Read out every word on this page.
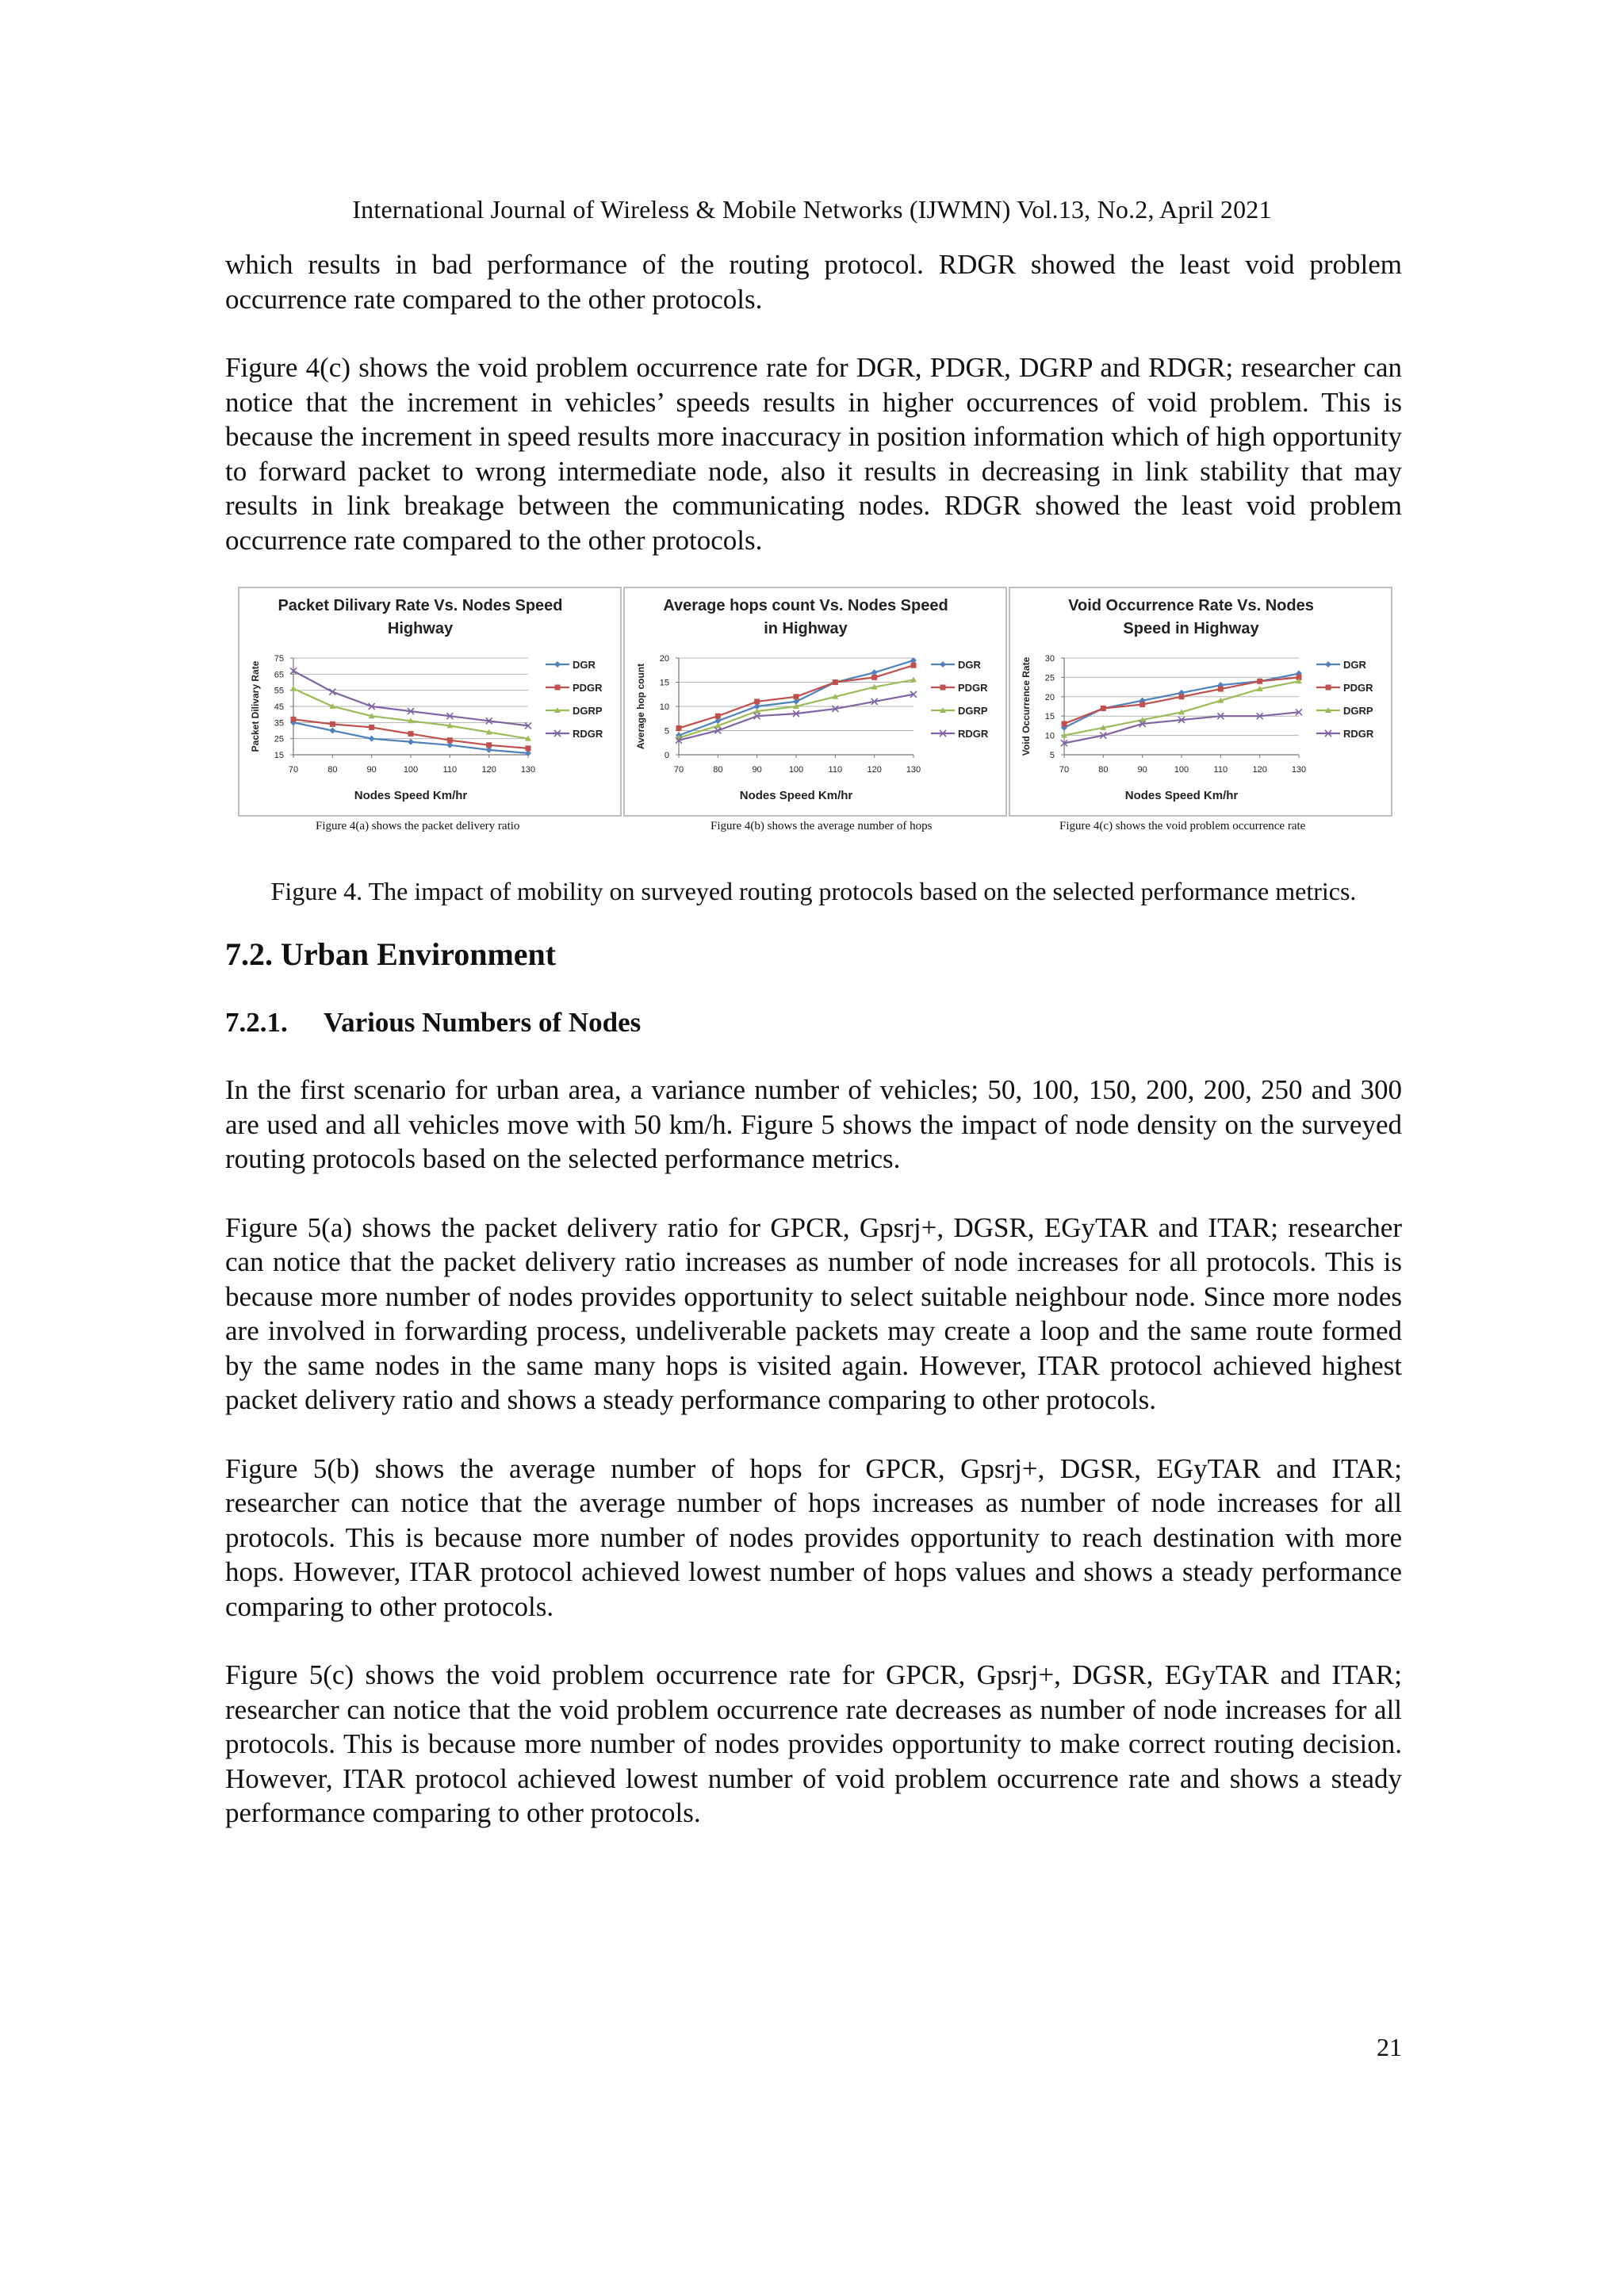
International Journal of Wireless & Mobile Networks (IJWMN) Vol.13, No.2, April 2021

which results in bad performance of the routing protocol. RDGR showed the least void problem occurrence rate compared to the other protocols.

Figure 4(c) shows the void problem occurrence rate for DGR, PDGR, DGRP and RDGR; researcher can notice that the increment in vehicles’ speeds results in higher occurrences of void problem. This is because the increment in speed results more inaccuracy in position information which of high opportunity to forward packet to wrong intermediate node, also it results in decreasing in link stability that may results in link breakage between the communicating nodes. RDGR showed the least void problem occurrence rate compared to the other protocols.

Packet Dilivary Rate Vs. Nodes Speed
Highway
15
25
35
45
55
65
75
70	80	90	100	110	120	130
Nodes Speed Km/hr
Packet Dilivary Rate	DGR
PDGR
DGRP
RDGR
Average hops count Vs. Nodes Speed
in Highway
0
5
10
15
20
70	80	90	100	110	120	130
Nodes Speed Km/hr
Average hop count	DGR
PDGR
DGRP
RDGR
Void Occurrence Rate Vs. Nodes
Speed in Highway
5
10
15
20
25
30
70	80	90	100	110	120	130
Nodes Speed Km/hr
Void Occurrence Rate	DGR
PDGR
DGRP
RDGR
Figure 4(a) shows the packet delivery ratio	Figure 4(b) shows the average number of hops	Figure 4(c) shows the void problem occurrence rate
Figure 4. The impact of mobility on surveyed routing protocols based on the selected performance metrics.
7.2. Urban Environment
7.2.1. Various Numbers of Nodes

In the first scenario for urban area, a variance number of vehicles; 50, 100, 150, 200, 200, 250 and 300 are used and all vehicles move with 50 km/h. Figure 5 shows the impact of node density on the surveyed routing protocols based on the selected performance metrics.

Figure 5(a) shows the packet delivery ratio for GPCR, Gpsrj+, DGSR, EGyTAR and ITAR; researcher can notice that the packet delivery ratio increases as number of node increases for all protocols. This is because more number of nodes provides opportunity to select suitable neighbour node. Since more nodes are involved in forwarding process, undeliverable packets may create a loop and the same route formed by the same nodes in the same many hops is visited again. However, ITAR protocol achieved highest packet delivery ratio and shows a steady performance comparing to other protocols.

Figure 5(b) shows the average number of hops for GPCR, Gpsrj+, DGSR, EGyTAR and ITAR; researcher can notice that the average number of hops increases as number of node increases for all protocols. This is because more number of nodes provides opportunity to reach destination with more hops. However, ITAR protocol achieved lowest number of hops values and shows a steady performance comparing to other protocols.

Figure 5(c) shows the void problem occurrence rate for GPCR, Gpsrj+, DGSR, EGyTAR and ITAR; researcher can notice that the void problem occurrence rate decreases as number of node increases for all protocols. This is because more number of nodes provides opportunity to make correct routing decision. However, ITAR protocol achieved lowest number of void problem occurrence rate and shows a steady performance comparing to other protocols.

21
